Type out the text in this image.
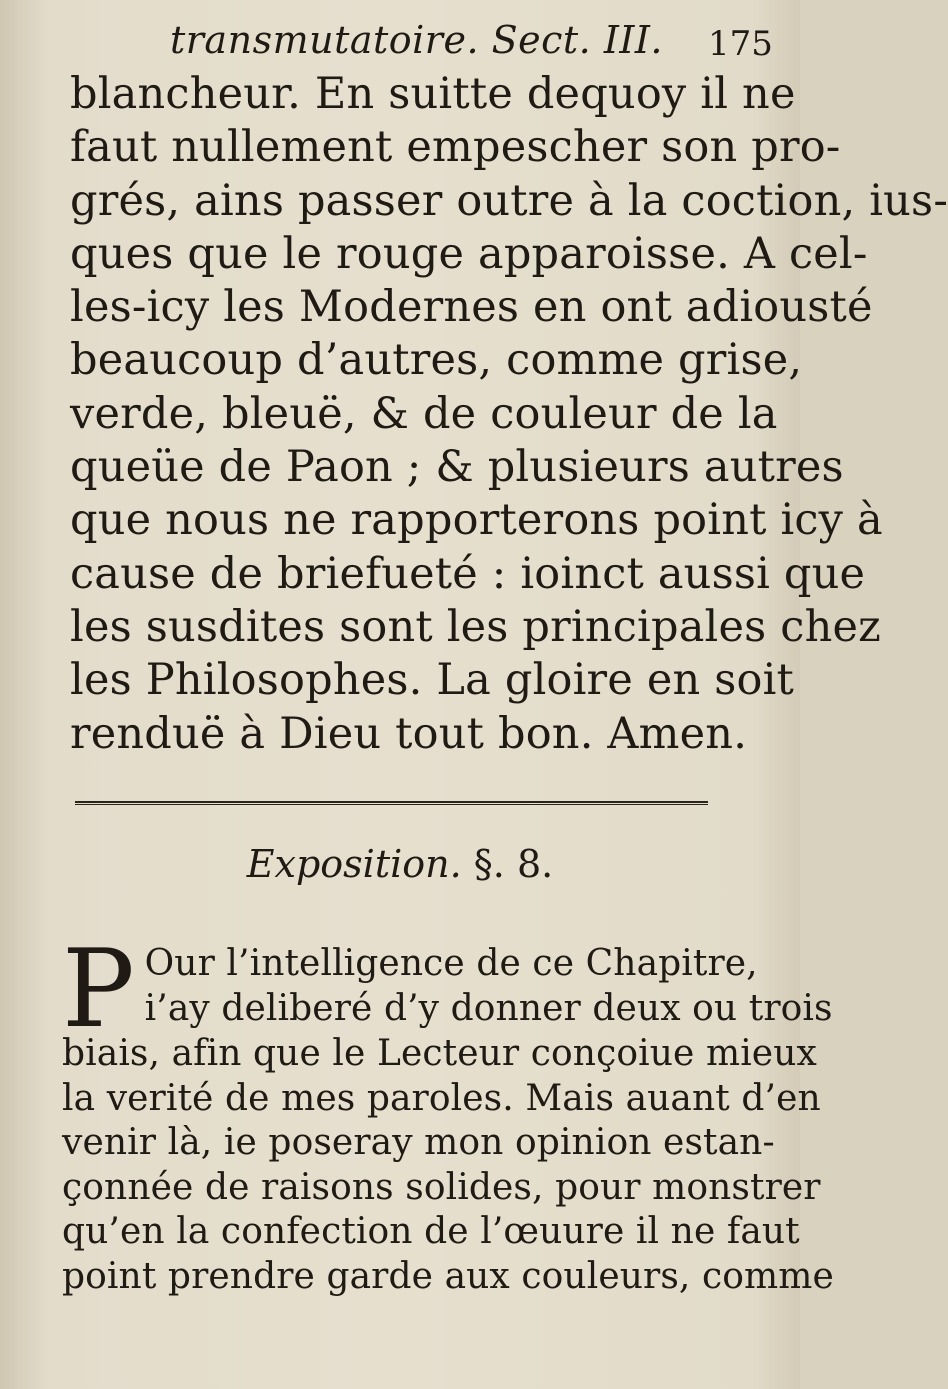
transmutatoire. Sect. III. 175
blancheur. En suitte dequoy il ne
faut nullement empescher son pro-
grés, ains passer outre à la coction, ius-
ques que le rouge apparoisse. A cel-
les-icy les Modernes en ont adiousté
beaucoup d’autres, comme grise,
verde, bleuë, & de couleur de la
queüe de Paon ; & plusieurs autres
que nous ne rapporterons point icy à
cause de briefueté : ioinct aussi que
les susdites sont les principales chez
les Philosophes. La gloire en soit
renduë à Dieu tout bon. Amen.
Exposition. §. 8.
P Our l’intelligence de ce Chapitre,
i’ay deliberé d’y donner deux ou trois
biais, afin que le Lecteur conçoiue mieux
la verité de mes paroles. Mais auant d’en
venir là, ie poseray mon opinion estan-
çonnée de raisons solides, pour monstrer
qu’en la confection de l’œuure il ne faut
point prendre garde aux couleurs, comme
